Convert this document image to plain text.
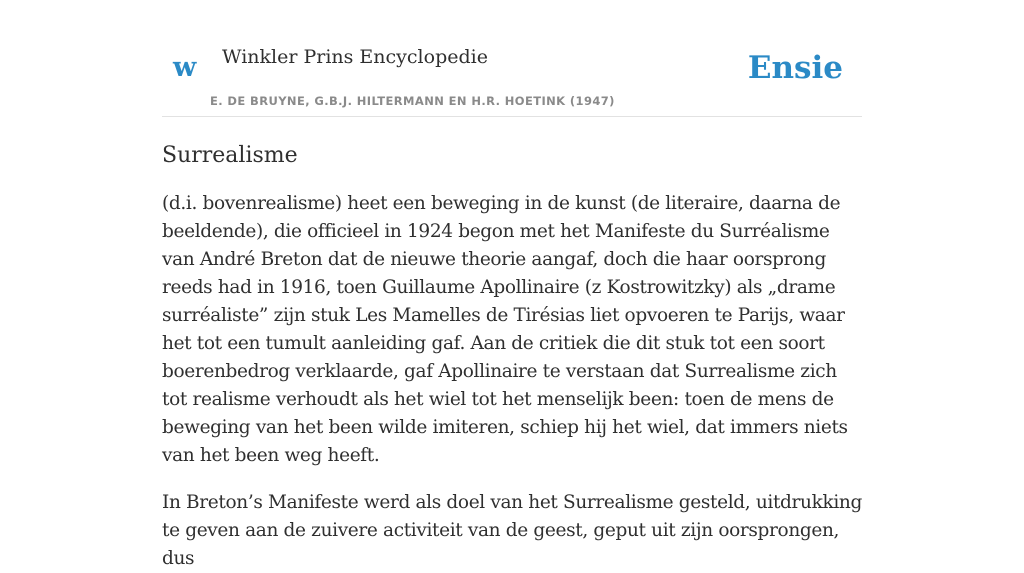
w Winkler Prins Encyclopedie
E. DE BRUYNE, G.B.J. HILTERMANN EN H.R. HOETINK (1947)
Ensie
Surrealisme

(d.i. bovenrealisme) heet een beweging in de kunst (de literaire, daarna de beeldende), die officieel in 1924 begon met het Manifeste du Surréalisme van André Breton dat de nieuwe theorie aangaf, doch die haar oorsprong reeds had in 1916, toen Guillaume Apollinaire (z Kostrowitzky) als „drame surréaliste” zijn stuk Les Mamelles de Tirésias liet opvoeren te Parijs, waar het tot een tumult aanleiding gaf. Aan de critiek die dit stuk tot een soort boerenbedrog verklaarde, gaf Apollinaire te verstaan dat Surrealisme zich tot realisme verhoudt als het wiel tot het menselijk been: toen de mens de beweging van het been wilde imiteren, schiep hij het wiel, dat immers niets van het been weg heeft.

In Breton’s Manifeste werd als doel van het Surrealisme gesteld, uitdrukking te geven aan de zuivere activiteit van de geest, geput uit zijn oorsprongen, dus
